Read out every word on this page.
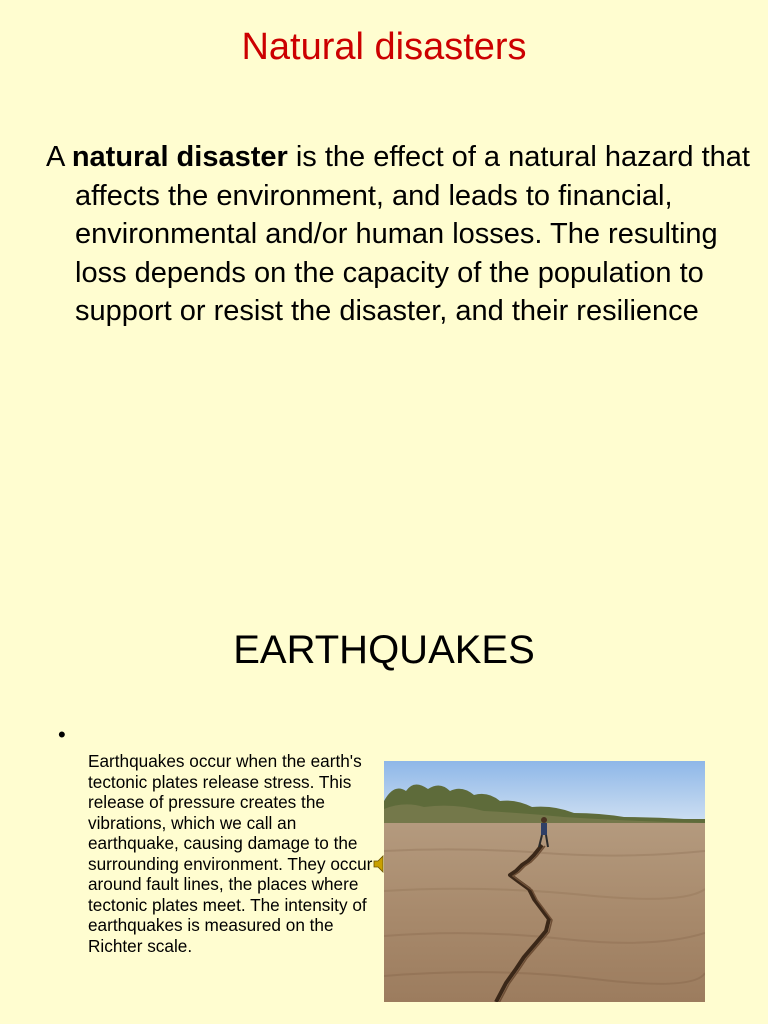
Natural disasters

A natural disaster is the effect of a natural hazard that affects the environment, and leads to financial, environmental and/or human losses. The resulting loss depends on the capacity of the population to support or resist the disaster, and their resilience

EARTHQUAKES
•

Earthquakes occur when the earth's tectonic plates release stress. This release of pressure creates the vibrations, which we call an earthquake, causing damage to the surrounding environment. They occur around fault lines, the places where tectonic plates meet. The intensity of earthquakes is measured on the Richter scale.
